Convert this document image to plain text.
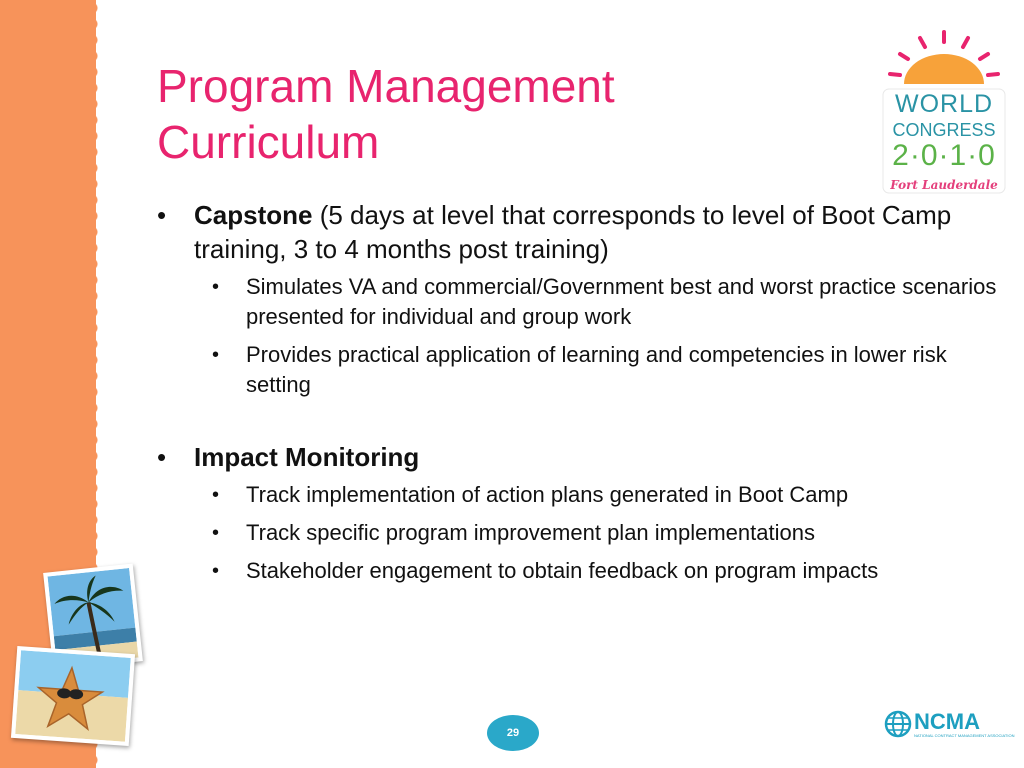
Program Management
Curriculum
WORLD
CONGRESS
2·0·1·0
Fort Lauderdale
•	Capstone (5 days at level that corresponds to level of Boot Camp training, 3 to 4 months post training)
•	Simulates VA and commercial/Government best and worst practice scenarios presented for individual and group work
•	Provides practical application of learning and competencies in lower risk setting
•	Impact Monitoring
•	Track implementation of action plans generated in Boot Camp
•	Track specific program improvement plan implementations
•	Stakeholder engagement to obtain feedback on program impacts
29	NCMA
NATIONAL CONTRACT MANAGEMENT ASSOCIATION
